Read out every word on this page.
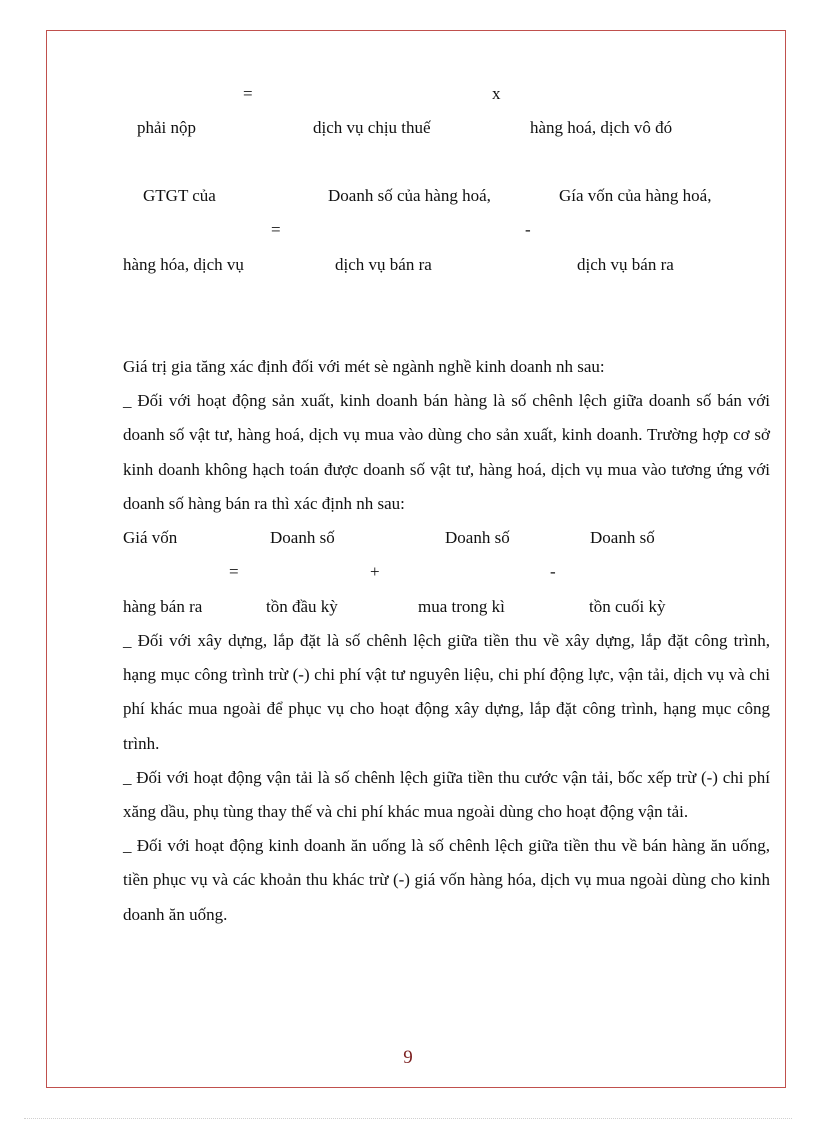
=	x
phải nộp	dịch vụ chịu thuế	hàng hoá, dịch vô đó
GTGT của	Doanh số của hàng hoá,	Gía vốn của hàng hoá,
=	-
hàng hóa, dịch vụ	dịch vụ bán ra	dịch vụ bán ra
Giá trị gia tăng xác định đối với mét sè ngành nghề kinh doanh nh sau:
_ Đối với hoạt động sản xuất, kinh doanh bán hàng là số chênh lệch giữa doanh số bán với doanh số vật tư, hàng hoá, dịch vụ mua vào dùng cho sản xuất, kinh doanh. Trường hợp cơ sở kinh doanh không hạch toán được doanh số vật tư, hàng hoá, dịch vụ mua vào tương ứng với doanh số hàng bán ra thì xác định nh sau:
Giá vốn	Doanh số	Doanh số	Doanh số
=	+	-
hàng bán ra	tồn đầu kỳ	mua trong kì	tồn cuối kỳ
_ Đối với xây dựng, lắp đặt là số chênh lệch giữa tiền thu về xây dựng, lắp đặt công trình, hạng mục công trình trừ (-) chi phí vật tư nguyên liệu, chi phí động lực, vận tải, dịch vụ và chi phí khác mua ngoài để phục vụ cho hoạt động xây dựng, lắp đặt công trình, hạng mục công trình.
_ Đối với hoạt động vận tải là số chênh lệch giữa tiền thu cước vận tải, bốc xếp trừ (-) chi phí xăng dầu, phụ tùng thay thế và chi phí khác mua ngoài dùng cho hoạt động vận tải.
_ Đối với hoạt động kinh doanh ăn uống là số chênh lệch giữa tiền thu về bán hàng ăn uống, tiền phục vụ và các khoản thu khác trừ (-) giá vốn hàng hóa, dịch vụ mua ngoài dùng cho kinh doanh ăn uống.
9
